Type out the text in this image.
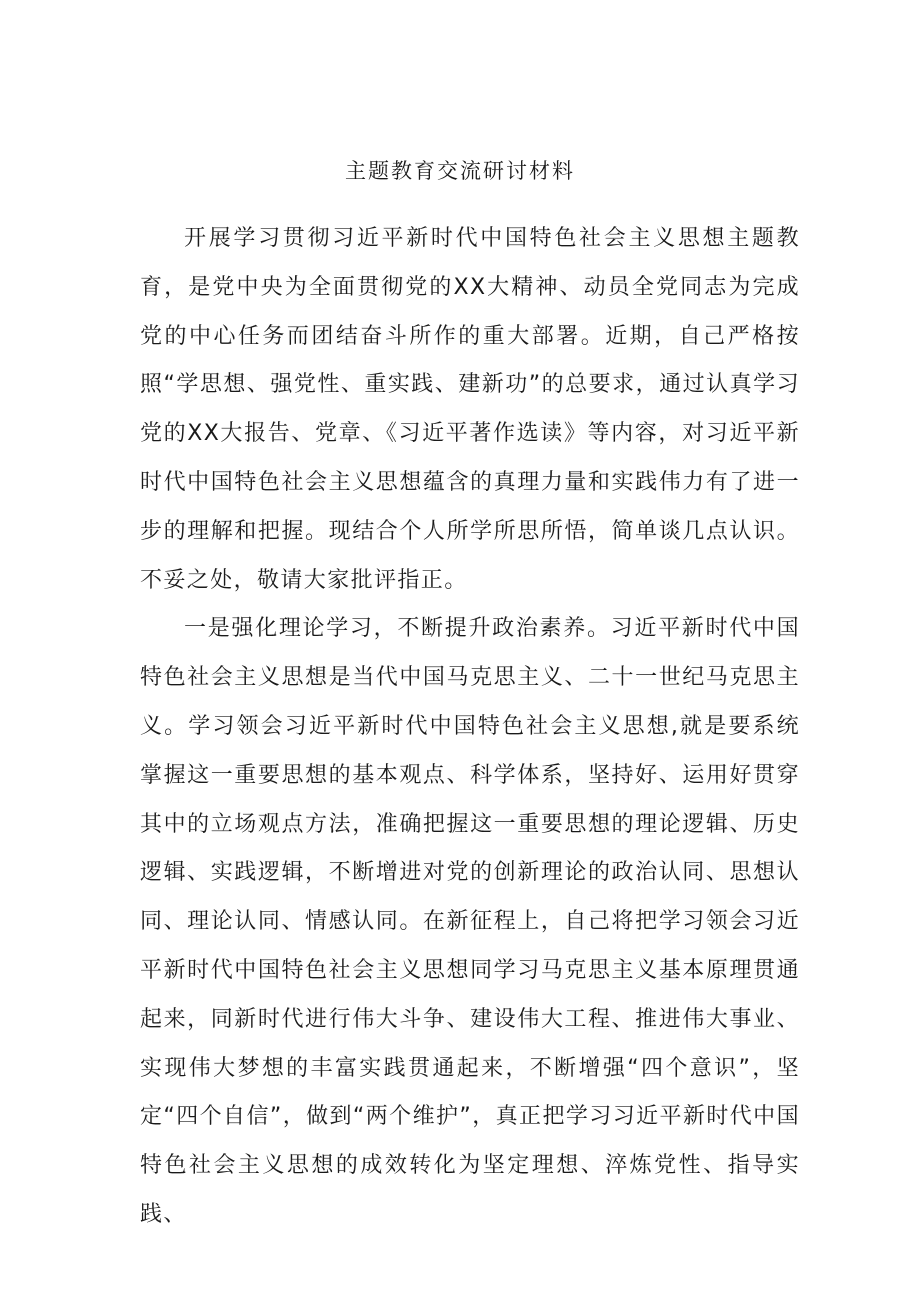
主题教育交流研讨材料

开展学习贯彻习近平新时代中国特色社会主义思想主题教育，是党中央为全面贯彻党的XX大精神、动员全党同志为完成党的中心任务而团结奋斗所作的重大部署。近期，自己严格按照“学思想、强党性、重实践、建新功”的总要求，通过认真学习党的XX大报告、党章、《习近平著作选读》等内容，对习近平新时代中国特色社会主义思想蕴含的真理力量和实践伟力有了进一步的理解和把握。现结合个人所学所思所悟，简单谈几点认识。不妥之处，敬请大家批评指正。

一是强化理论学习，不断提升政治素养。习近平新时代中国特色社会主义思想是当代中国马克思主义、二十一世纪马克思主义。学习领会习近平新时代中国特色社会主义思想,就是要系统掌握这一重要思想的基本观点、科学体系，坚持好、运用好贯穿其中的立场观点方法，准确把握这一重要思想的理论逻辑、历史逻辑、实践逻辑，不断增进对党的创新理论的政治认同、思想认同、理论认同、情感认同。在新征程上，自己将把学习领会习近平新时代中国特色社会主义思想同学习马克思主义基本原理贯通起来，同新时代进行伟大斗争、建设伟大工程、推进伟大事业、实现伟大梦想的丰富实践贯通起来，不断增强“四个意识”，坚定“四个自信”，做到“两个维护”，真正把学习习近平新时代中国特色社会主义思想的成效转化为坚定理想、淬炼党性、指导实践、
